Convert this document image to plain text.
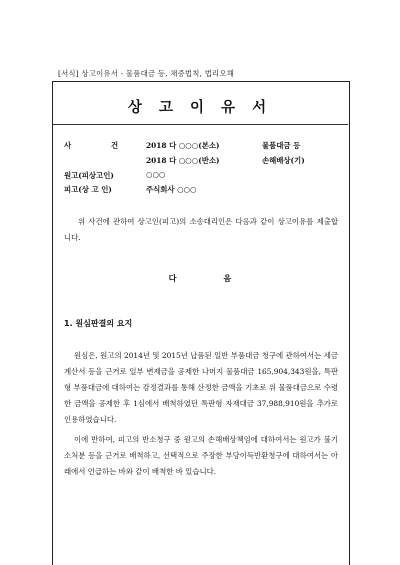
[서식] 상고이유서 - 물품대금 등, 채증법칙, 법리오해
상 고 이 유 서
사	건	2018 다 ○○○(본소)	물품대금 등
2018 다 ○○○(반소)	손해배상(기)
원고(피상고인)	○○○
피고(상 고 인)	주식회사 ○○○
위 사건에 관하여 상고인(피고)의 소송대리인은 다음과 같이 상고이유를 제출합니다.
다 음
1. 원심판결의 요지
원심은, 원고의 2014년 및 2015년 납품된 일반 부품대금 청구에 관하여서는 세금계산서 등을 근거로 일부 변제금을 공제한 나머지 물품대금 165,904,343원을, 특판형 부품대금에 대하여는 감정결과를 통해 산정한 금액을 기초로 위 물품대금으로 수령한 금액을 공제한 후 1심에서 배척하였던 특판형 자재대금 37,988,910원을 추가로 인용하였습니다.
이에 반하여, 피고의 반소청구 중 원고의 손해배상책임에 대하여서는 원고가 불기소처분 등을 근거로 배척하고, 선택적으로 주장한 부당이득반환청구에 대하여서는 아래에서 언급하는 바와 같이 배척한 바 있습니다.
